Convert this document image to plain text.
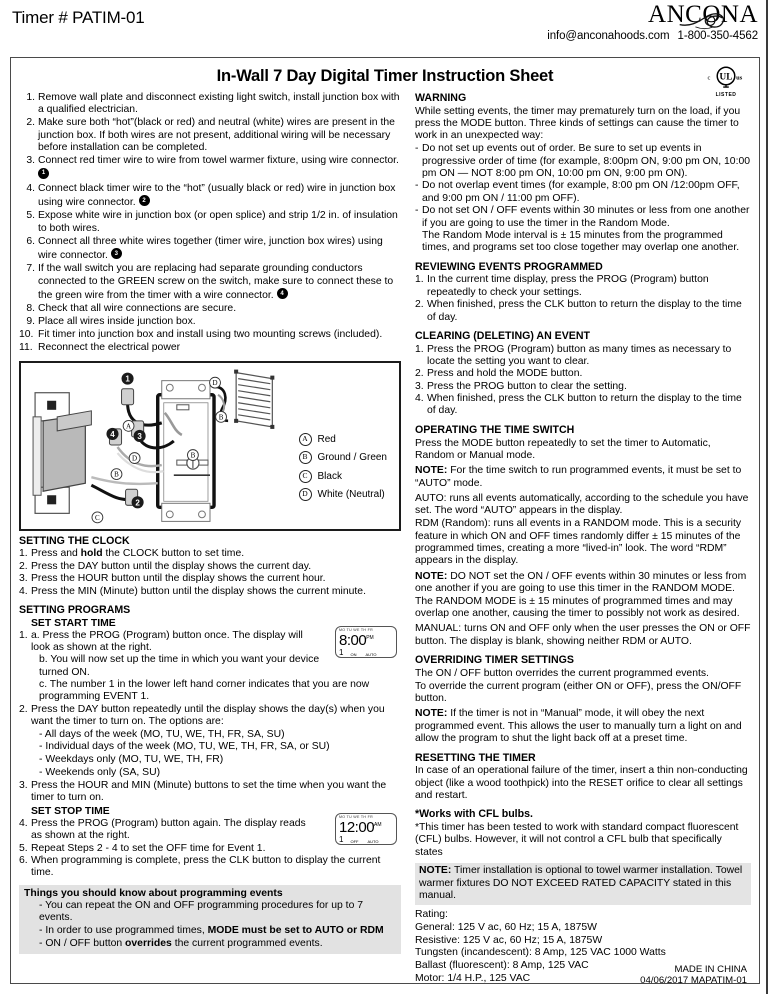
Timer # PATIM-01	ANCONA
info@anconahoods.com 1-800-350-4562
c UL us
LISTED
In-Wall 7 Day Digital Timer Instruction Sheet
1. Remove wall plate and disconnect existing light switch, install junction box with a qualified electrician.
2. Make sure both “hot”(black or red) and neutral (white) wires are present in the junction box. If both wires are not present, additional wiring will be necessary before installation can be completed.
3. Connect red timer wire to wire from towel warmer fixture, using wire connector.
1
4. Connect black timer wire to the “hot” (usually black or red) wire in junction box using wire connector. 2
5. Expose white wire in junction box (or open splice) and strip 1/2 in. of insulation to both wires.
6. Connect all three white wires together (timer wire, junction box wires) using wire connector. 3
7. If the wall switch you are replacing had separate grounding conductors connected to the GREEN screw on the switch, make sure to connect these to the green wire from the timer with a wire connector. 4
8. Check that all wire connections are secure.
9. Place all wires inside junction box.
10. Fit timer into junction box and install using two mounting screws (included).
11. Reconnect the electrical power
1
2
3
4
A
B
C
D	B
D
B
A Red
B	Ground / Green
C	Black
D White (Neutral)
SETTING THE CLOCK
1. Press and hold the CLOCK button to set time.
2. Press the DAY button until the display shows the current day.
3. Press the HOUR button until the display shows the current hour.
4. Press the MIN (Minute) button until the display shows the current minute.
SETTING PROGRAMS
SET START TIME
MO TU WE TH FR
$8:00^{PM}$
1 ON AUTO
1. a. Press the PROG (Program) button once. The display will look as shown at the right.
b. You will now set up the time in which you want your device turned ON.
c. The number 1 in the lower left hand corner indicates that you are now programming EVENT 1.
2. Press the DAY button repeatedly until the display shows the day(s) when you want the timer to turn on. The options are:
- All days of the week (MO, TU, WE, TH, FR, SA, SU)
- Individual days of the week (MO, TU, WE, TH, FR, SA, or SU)
- Weekdays only (MO, TU, WE, TH, FR)
- Weekends only (SA, SU)
3. Press the HOUR and MIN (Minute) buttons to set the time when you want the timer to turn on.
SET STOP TIME	MO TU WE TH FR
$12:00^{AM}$
1 OFF AUTO
4. Press the PROG (Program) button again. The display reads as shown at the right.
5. Repeat Steps 2 - 4 to set the OFF time for Event 1.
6. When programming is complete, press the CLK button to display the current time.
Things you should know about programming events
- You can repeat the ON and OFF programming procedures for up to 7 events.
- In order to use programmed times, MODE must be set to AUTO or RDM
- ON / OFF button overrides the current programmed events.
WARNING
While setting events, the timer may prematurely turn on the load, if you press the MODE button. Three kinds of settings can cause the timer to work in an unexpected way:
- Do not set up events out of order. Be sure to set up events in progressive order of time (for example, 8:00pm ON, 9:00 pm ON, 10:00 pm ON — NOT 8:00 pm ON, 10:00 pm ON, 9:00 pm ON).
- Do not overlap event times (for example, 8:00 pm ON /12:00pm OFF, and 9:00 pm ON / 11:00 pm OFF).
- Do not set ON / OFF events within 30 minutes or less from one another if you are going to use the timer in the Random Mode.
The Random Mode interval is ± 15 minutes from the programmed times, and programs set too close together may overlap one another.
REVIEWING EVENTS PROGRAMMED
1. In the current time display, press the PROG (Program) button repeatedly to check your settings.
2. When finished, press the CLK button to return the display to the time of day.
CLEARING (DELETING) AN EVENT
1. Press the PROG (Program) button as many times as necessary to locate the setting you want to clear.
2. Press and hold the MODE button.
3. Press the PROG button to clear the setting.
4. When finished, press the CLK button to return the display to the time of day.
OPERATING THE TIME SWITCH
Press the MODE button repeatedly to set the timer to Automatic, Random or Manual mode.
NOTE: For the time switch to run programmed events, it must be set to “AUTO” mode.
AUTO: runs all events automatically, according to the schedule you have set. The word “AUTO” appears in the display.
RDM (Random): runs all events in a RANDOM mode. This is a security feature in which ON and OFF times randomly differ ± 15 minutes of the programmed times, creating a more “lived-in” look. The word “RDM” appears in the display.
NOTE: DO NOT set the ON / OFF events within 30 minutes or less from one another if you are going to use this timer in the RANDOM MODE. The RANDOM MODE is ± 15 minutes of programmed times and may overlap one another, causing the timer to possibly not work as desired.
MANUAL: turns ON and OFF only when the user presses the ON or OFF button. The display is blank, showing neither RDM or AUTO.
OVERRIDING TIMER SETTINGS
The ON / OFF button overrides the current programmed events.
To override the current program (either ON or OFF), press the ON/OFF button.
NOTE: If the timer is not in “Manual” mode, it will obey the next programmed event. This allows the user to manually turn a light on and allow the program to shut the light back off at a preset time.
RESETTING THE TIMER
In case of an operational failure of the timer, insert a thin non-conducting object (like a wood toothpick) into the RESET orifice to clear all settings and restart.
*Works with CFL bulbs.
*This timer has been tested to work with standard compact fluorescent (CFL) bulbs. However, it will not control a CFL bulb that specifically states
NOTE: Timer installation is optional to towel warmer installation. Towel warmer fixtures DO NOT EXCEED RATED CAPACITY stated in this manual.
Rating:
General: 125 V ac, 60 Hz; 15 A, 1875W
Resistive: 125 V ac, 60 Hz; 15 A, 1875W
Tungsten (incandescent): 8 Amp, 125 VAC 1000 Watts
Ballast (fluorescent): 8 Amp, 125 VAC
Motor: 1/4 H.P., 125 VAC
MADE IN CHINA
04/06/2017 MAPATIM-01
